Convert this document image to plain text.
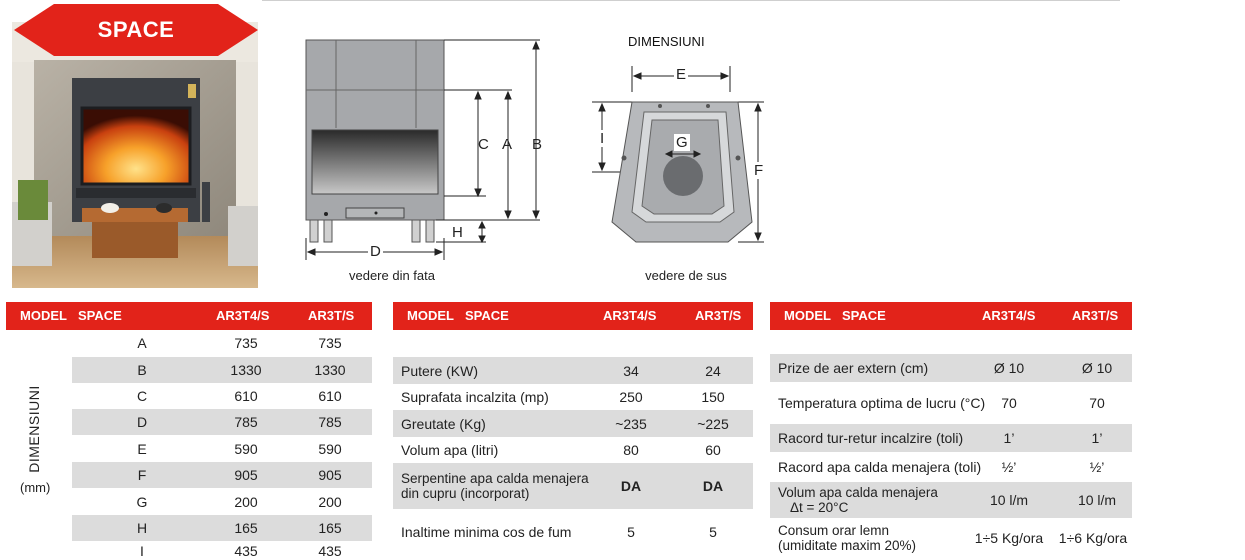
SPACE
C A B
H
D
vedere din fata
DIMENSIUNI
E
I	G
F
vedere de sus
MODEL SPACE	AR3T4/S	AR3T/S
A	735	735
B	1330	1330
C	610	610
D	785	785
E	590	590
F	905	905
G	200	200
H	165	165
I	435	435
DIMENSIUNI
(mm)
MODEL SPACE	AR3T4/S	AR3T/S
Putere (KW)	34	24
Suprafata incalzita (mp)	250	150
Greutate (Kg)	~235	~225
Volum apa (litri)	80	60
Serpentine apa calda menajera
din cupru (incorporat)	DA	DA
Inaltime minima cos de fum	5	5
MODEL SPACE	AR3T4/S	AR3T/S
Prize de aer extern (cm)	Ø 10	Ø 10
Temperatura optima de lucru (°C)	70	70
Racord tur-retur incalzire (toli)	1’	1’
Racord apa calda menajera (toli)	½’	½’
Volum apa calda menajera
Δt = 20°C	10 l/m	10 l/m
Consum orar lemn
(umiditate maxim 20%)	1÷5 Kg/ora	1÷6 Kg/ora
